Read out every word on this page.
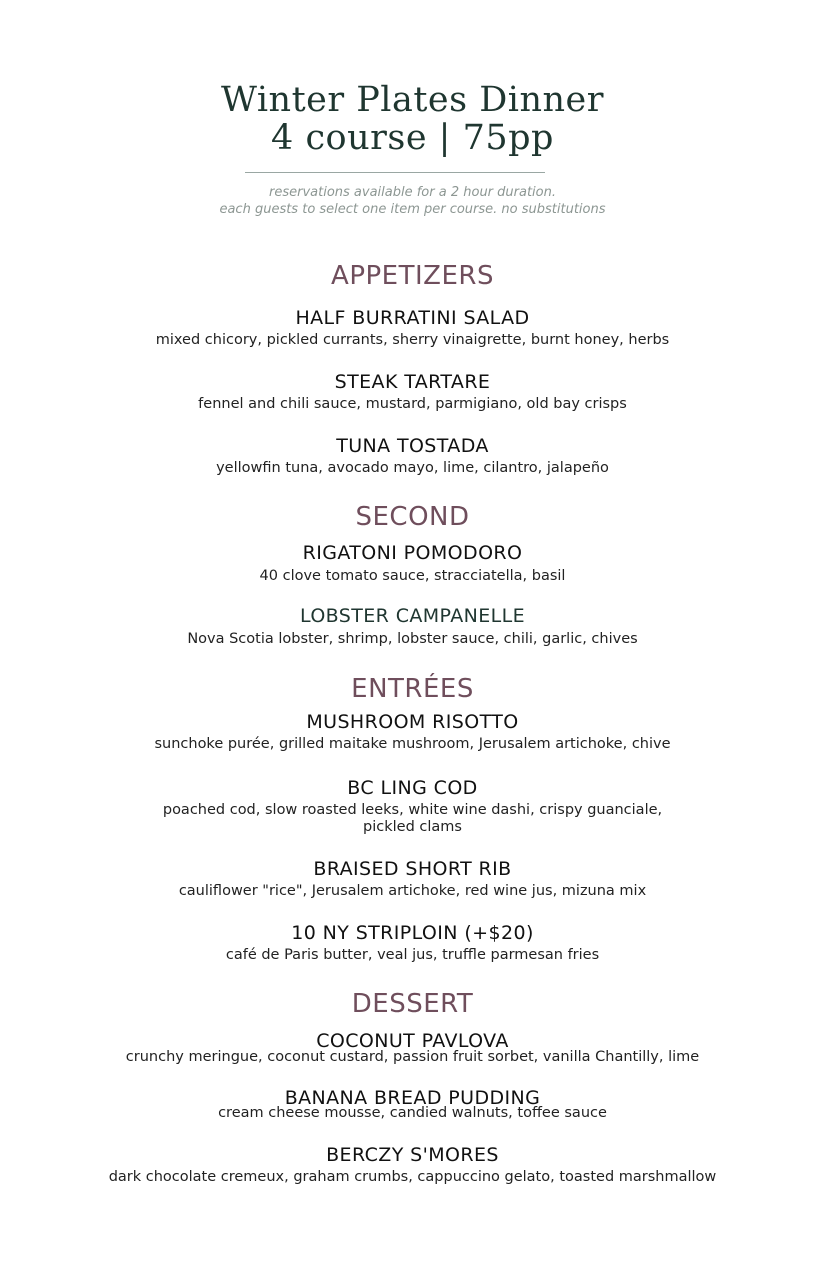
Winter Plates Dinner
4 course | 75pp
reservations available for a 2 hour duration.
each guests to select one item per course. no substitutions
APPETIZERS
HALF BURRATINI SALAD
mixed chicory, pickled currants, sherry vinaigrette, burnt honey, herbs
STEAK TARTARE
fennel and chili sauce, mustard, parmigiano, old bay crisps
TUNA TOSTADA
yellowfin tuna, avocado mayo, lime, cilantro, jalapeño
SECOND
RIGATONI POMODORO
40 clove tomato sauce, stracciatella, basil
LOBSTER CAMPANELLE
Nova Scotia lobster, shrimp, lobster sauce, chili, garlic, chives
ENTRÉES
MUSHROOM RISOTTO
sunchoke purée, grilled maitake mushroom, Jerusalem artichoke, chive
BC LING COD
poached cod, slow roasted leeks, white wine dashi, crispy guanciale,
pickled clams
BRAISED SHORT RIB
cauliflower "rice", Jerusalem artichoke, red wine jus, mizuna mix
10 NY STRIPLOIN (+$20)
café de Paris butter, veal jus, truffle parmesan fries
DESSERT
COCONUT PAVLOVA
crunchy meringue, coconut custard, passion fruit sorbet, vanilla Chantilly, lime
BANANA BREAD PUDDING
cream cheese mousse, candied walnuts, toffee sauce
BERCZY S'MORES
dark chocolate cremeux, graham crumbs, cappuccino gelato, toasted marshmallow
